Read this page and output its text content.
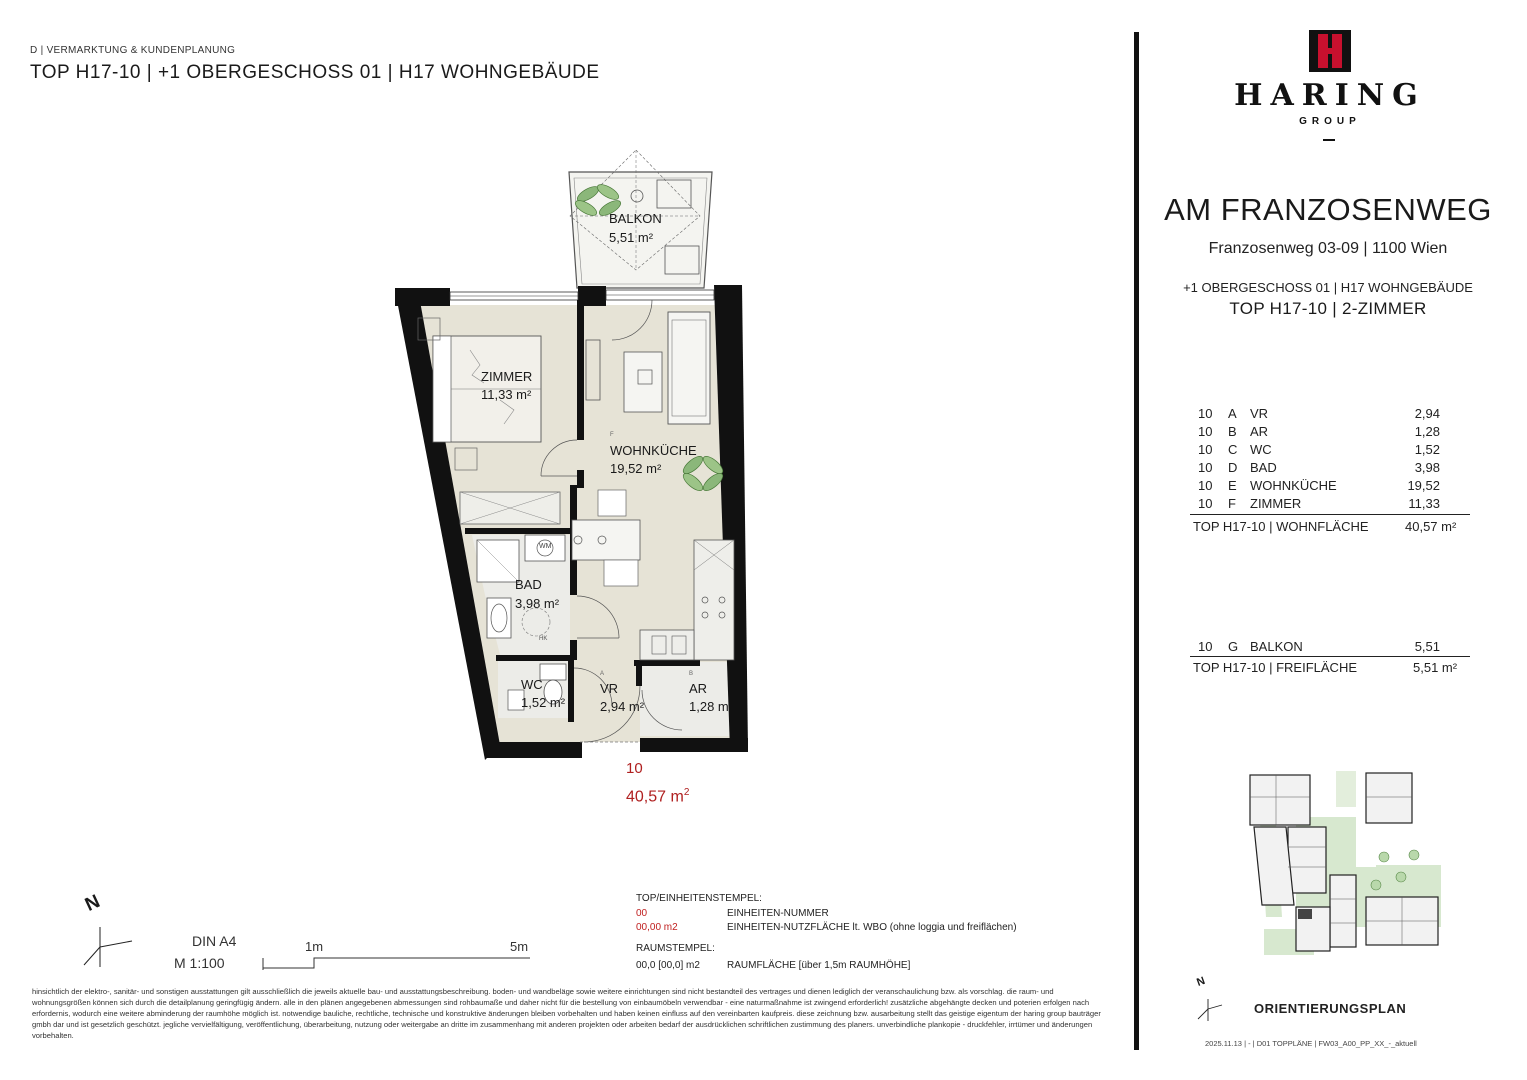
D | VERMARKTUNG & KUNDENPLANUNG
TOP H17-10 | +1 OBERGESCHOSS 01 | H17 WOHNGEBÄUDE
BALKON
5,51 m²
ZIMMER
11,33 m²
F
WOHNKÜCHE
19,52 m²
WM
BAD
3,98 m²
HK
WC
1,52 m²
A
VR
2,94 m²
B
AR
1,28 m
10
40,57 $m^2$
N
DIN A4
M 1:100
1m	5m
TOP/EINHEITENSTEMPEL:
00	EINHEITEN-NUMMER
00,00 m2	EINHEITEN-NUTZFLÄCHE lt. WBO (ohne loggia und freiflächen)
RAUMSTEMPEL:
00,0 [00,0] m2	RAUMFLÄCHE [über 1,5m RAUMHÖHE]
hinsichtlich der elektro-, sanitär- und sonstigen ausstattungen gilt ausschließlich die jeweils aktuelle bau- und ausstattungsbeschreibung. boden- und wandbeläge sowie weitere einrichtungen sind nicht bestandteil des vertrages und dienen lediglich der veranschaulichung bzw. als vorschlag. die raum- und wohnungsgrößen können sich durch die detailplanung geringfügig ändern. alle in den plänen angegebenen abmessungen sind rohbaumaße und daher nicht für die bestellung von einbaumöbeln verwendbar - eine naturmaßnahme ist zwingend erforderlich! zusätzliche abgehängte decken und poterien erfolgen nach erfordernis, wodurch eine weitere abminderung der raumhöhe möglich ist. notwendige bauliche, rechtliche, technische und konstruktive änderungen bleiben vorbehalten und haben keinen einfluss auf den vereinbarten kaufpreis. diese zeichnung bzw. ausarbeitung stellt das geistige eigentum der haring group bauträger gmbh dar und ist gesetzlich geschützt. jegliche vervielfältigung, veröffentlichung, überarbeitung, nutzung oder weitergabe an dritte im zusammenhang mit anderen projekten oder arbeiten bedarf der ausdrücklichen schriftlichen zustimmung des planers. unverbindliche plankopie - druckfehler, irrtümer und änderungen vorbehalten.
HARING
GROUP
AM FRANZOSENWEG
Franzosenweg 03-09 | 1100 Wien
+1 OBERGESCHOSS 01 | H17 WOHNGEBÄUDE
TOP H17-10 | 2-ZIMMER
10 A VR	2,94
10 B AR	1,28
10 C WC	1,52
10 D BAD	3,98
10 E WOHNKÜCHE	19,52
10 F ZIMMER	11,33
TOP H17-10 | WOHNFLÄCHE	40,57 m²
10 G BALKON	5,51
TOP H17-10 | FREIFLÄCHE	5,51 m²
N
ORIENTIERUNGSPLAN
2025.11.13 | - | D01 TOPPLÄNE | FW03_A00_PP_XX_-_aktuell
